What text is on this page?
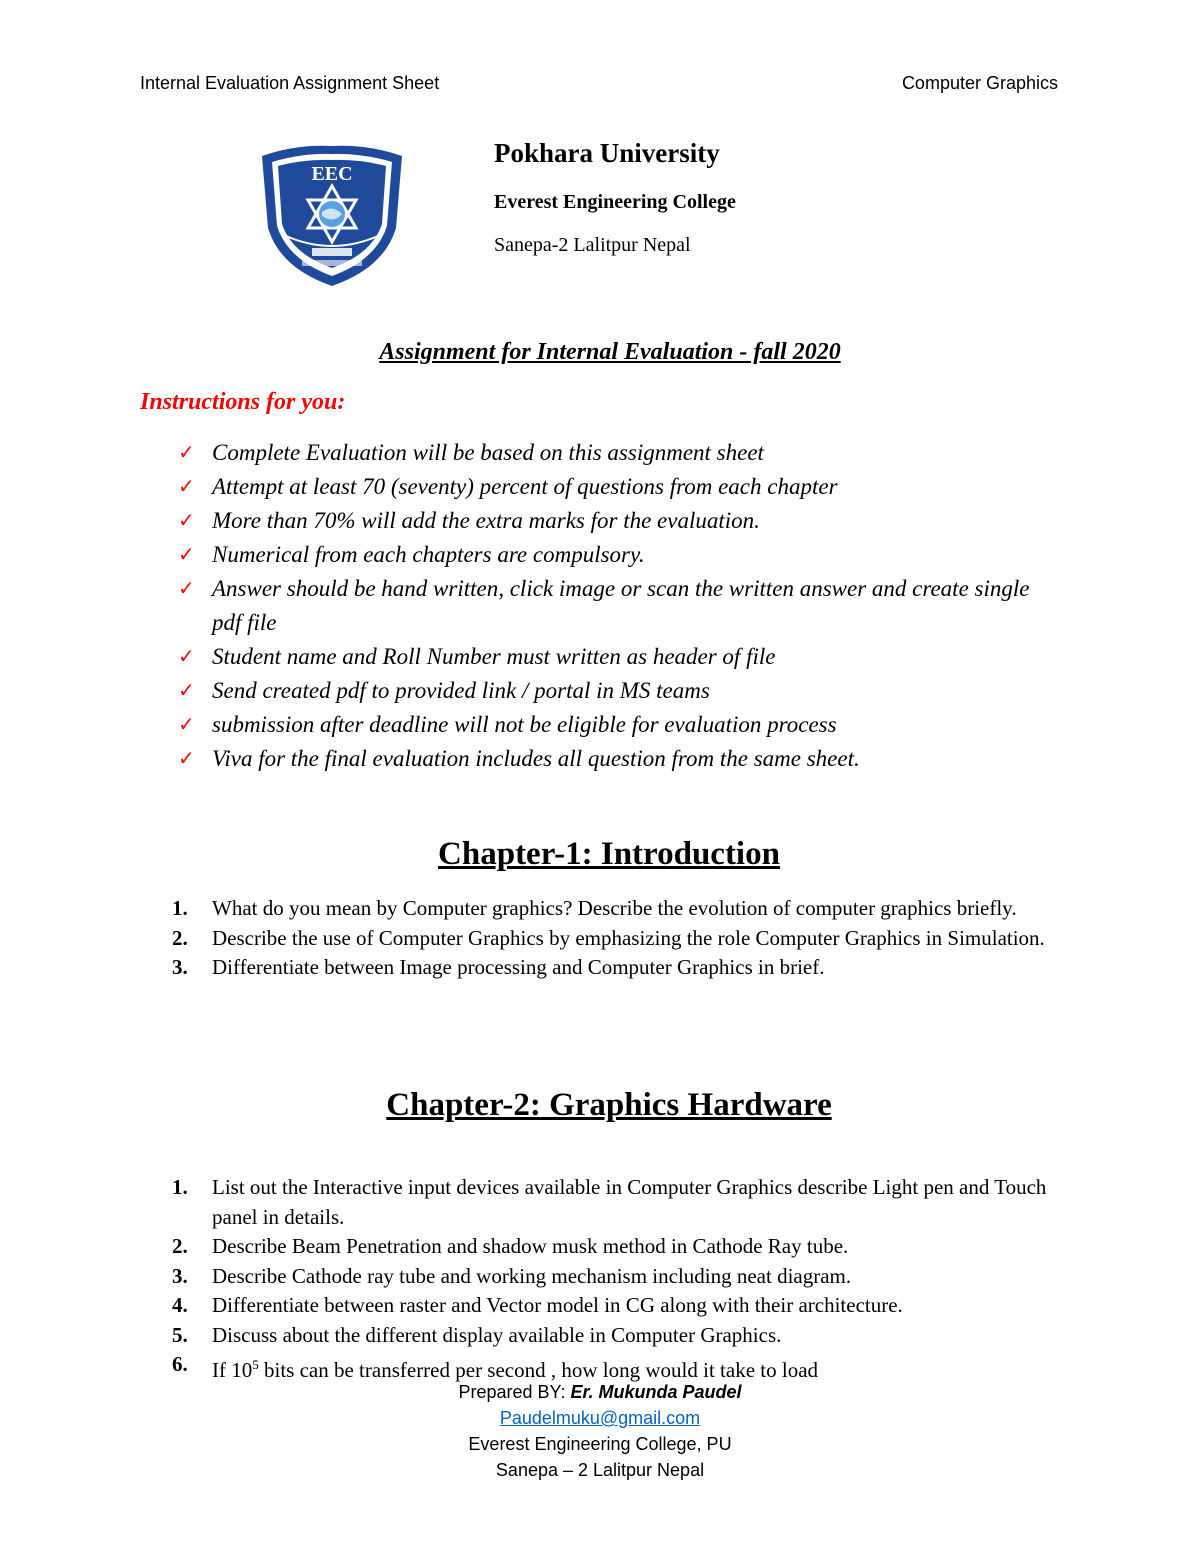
Internal Evaluation Assignment Sheet	Computer Graphics
EEC
Pokhara University
Everest Engineering College
Sanepa-2 Lalitpur Nepal
Assignment for Internal Evaluation - fall 2020
Instructions for you:
✓ Complete Evaluation will be based on this assignment sheet
✓ Attempt at least 70 (seventy) percent of questions from each chapter
✓ More than 70% will add the extra marks for the evaluation.
✓ Numerical from each chapters are compulsory.
✓ Answer should be hand written, click image or scan the written answer and create single pdf file
✓ Student name and Roll Number must written as header of file
✓ Send created pdf to provided link / portal in MS teams
✓ submission after deadline will not be eligible for evaluation process
✓ Viva for the final evaluation includes all question from the same sheet.
Chapter-1: Introduction
1. What do you mean by Computer graphics? Describe the evolution of computer graphics briefly.
2. Describe the use of Computer Graphics by emphasizing the role Computer Graphics in Simulation.
3. Differentiate between Image processing and Computer Graphics in brief.
Chapter-2: Graphics Hardware
1. List out the Interactive input devices available in Computer Graphics describe Light pen and Touch panel in details.
2. Describe Beam Penetration and shadow musk method in Cathode Ray tube.
3. Describe Cathode ray tube and working mechanism including neat diagram.
4. Differentiate between raster and Vector model in CG along with their architecture.
5. Discuss about the different display available in Computer Graphics.
6. If $10^5$ bits can be transferred per second , how long would it take to load
Prepared BY: Er. Mukunda Paudel
Paudelmuku@gmail.com
Everest Engineering College, PU
Sanepa – 2 Lalitpur Nepal
